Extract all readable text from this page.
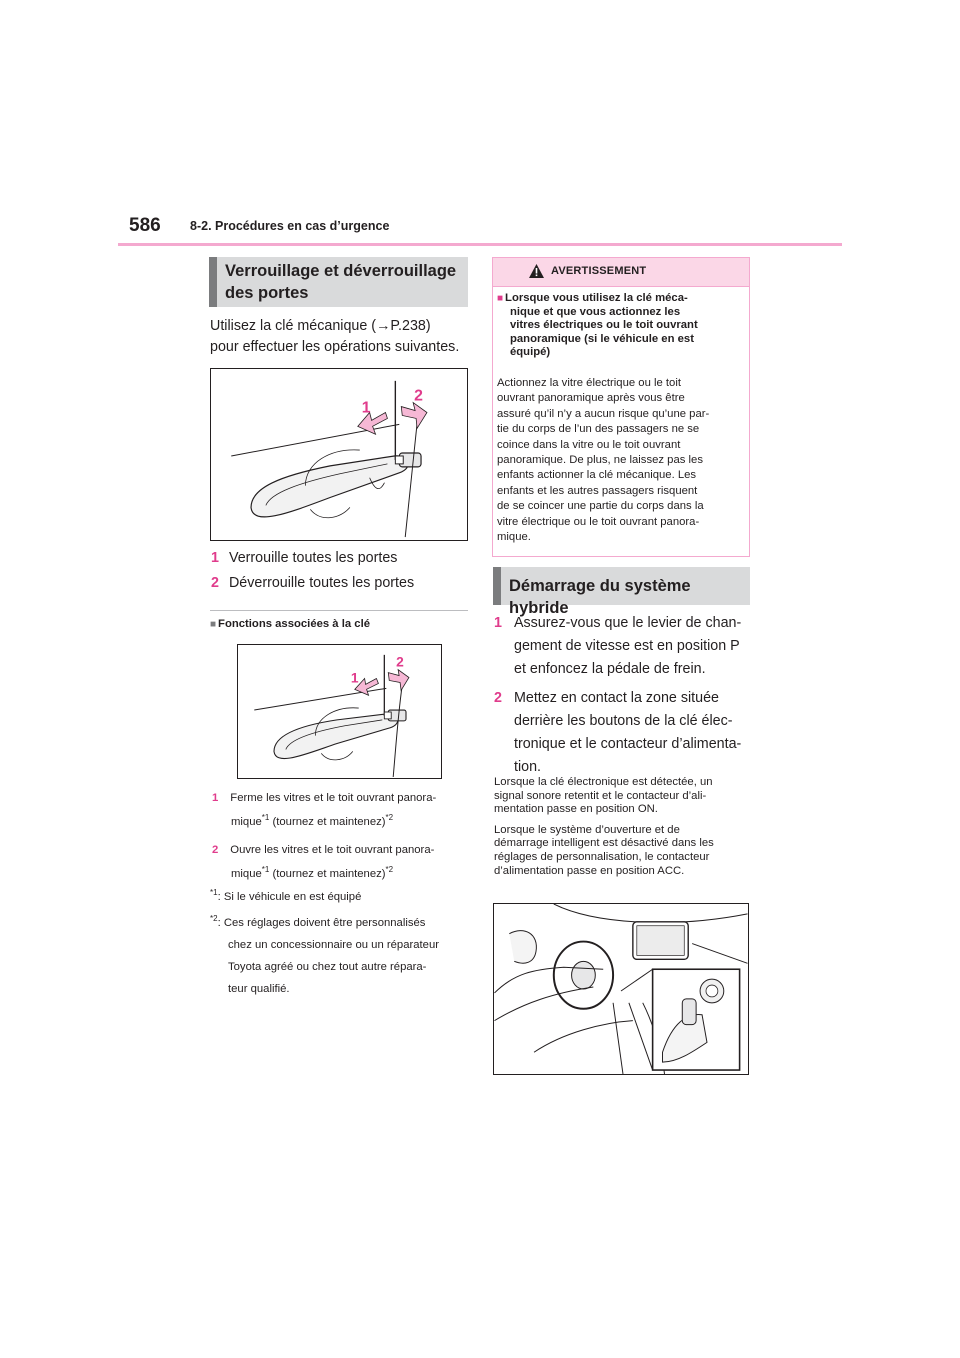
586 8-2. Procédures en cas d’urgence
Verrouillage et déverrouillage
des portes
Utilisez la clé mécanique (→P.238)
pour effectuer les opérations suivantes.
1
2
1 Verrouille toutes les portes
2 Déverrouille toutes les portes
■ Fonctions associées à la clé
1
2
1 Ferme les vitres et le toit ouvrant panora-
mique$^{*1}$ (tournez et maintenez)$^{*2}$
2 Ouvre les vitres et le toit ouvrant panora-
mique$^{*1}$ (tournez et maintenez)$^{*2}$
$^{*1}$: Si le véhicule en est équipé
$^{*2}$: Ces réglages doivent être personnalisés
chez un concessionnaire ou un réparateur
Toyota agréé ou chez tout autre répara-
teur qualifié.
AVERTISSEMENT
■ Lorsque vous utilisez la clé méca-
nique et que vous actionnez les
vitres électriques ou le toit ouvrant
panoramique (si le véhicule en est
équipé)
Actionnez la vitre électrique ou le toit
ouvrant panoramique après vous être
assuré qu’il n’y a aucun risque qu’une par-
tie du corps de l’un des passagers ne se
coince dans la vitre ou le toit ouvrant
panoramique. De plus, ne laissez pas les
enfants actionner la clé mécanique. Les
enfants et les autres passagers risquent
de se coincer une partie du corps dans la
vitre électrique ou le toit ouvrant panora-
mique.
Démarrage du système hybride
1 Assurez-vous que le levier de chan-
gement de vitesse est en position P
et enfoncez la pédale de frein.
2 Mettez en contact la zone située
derrière les boutons de la clé élec-
tronique et le contacteur d’alimenta-
tion.
Lorsque la clé électronique est détectée, un
signal sonore retentit et le contacteur d’ali-
mentation passe en position ON.
Lorsque le système d’ouverture et de
démarrage intelligent est désactivé dans les
réglages de personnalisation, le contacteur
d’alimentation passe en position ACC.
